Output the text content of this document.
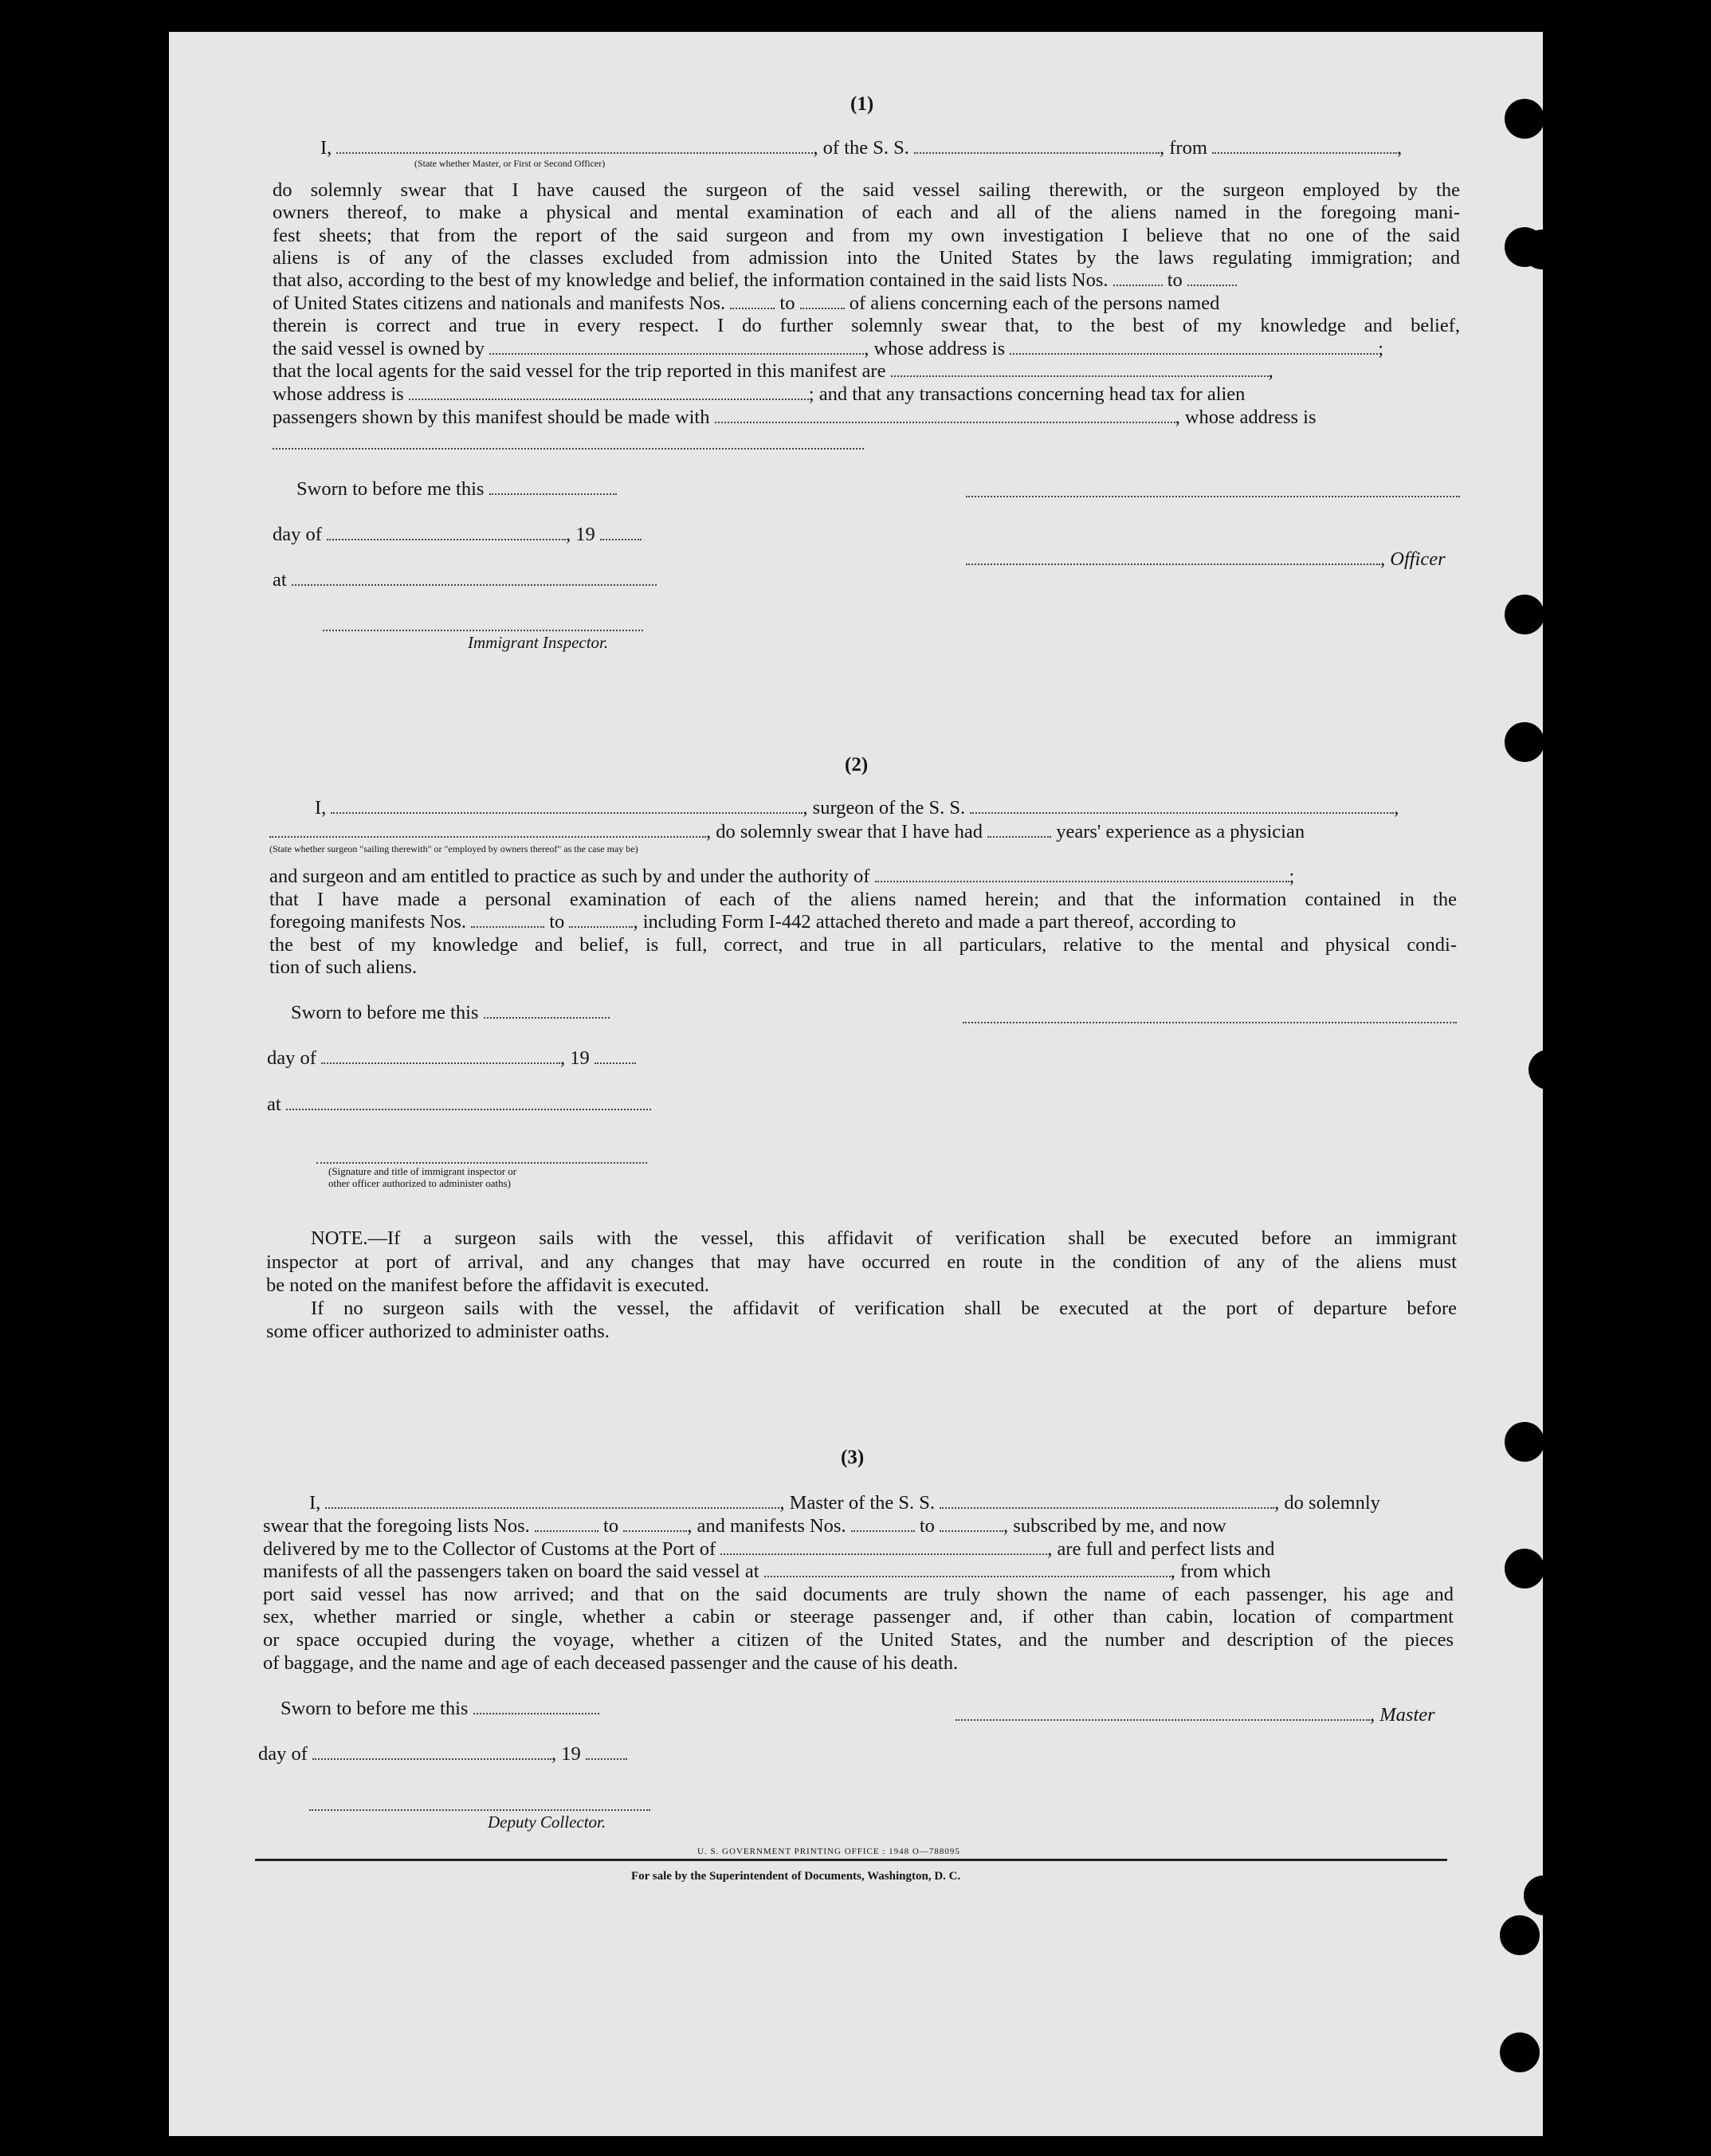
(1)
I,	, of the S. S.	, from	,
(State whether Master, or First or Second Officer)
do solemnly swear that I have caused the surgeon of the said vessel sailing therewith, or the surgeon employed by the
owners thereof, to make a physical and mental examination of each and all of the aliens named in the foregoing mani-
fest sheets; that from the report of the said surgeon and from my own investigation I believe that no one of the said
aliens is of any of the classes excluded from admission into the United States by the laws regulating immigration; and
that also, according to the best of my knowledge and belief, the information contained in the said lists Nos.	to
of United States citizens and nationals and manifests Nos.	to	of aliens concerning each of the persons named
therein is correct and true in every respect. I do further solemnly swear that, to the best of my knowledge and belief,
the said vessel is owned by	, whose address is	;
that the local agents for the said vessel for the trip reported in this manifest are	,
whose address is	; and that any transactions concerning head tax for alien
passengers shown by this manifest should be made with	, whose address is
Sworn to before me this
day of	, 19
at
Immigrant Inspector.
, Officer
(2)
I,	, surgeon of the S. S.	,
, do solemnly swear that I have had	years' experience as a physician
(State whether surgeon "sailing therewith" or "employed by owners thereof" as the case may be)
and surgeon and am entitled to practice as such by and under the authority of	;
that I have made a personal examination of each of the aliens named herein; and that the information contained in the
foregoing manifests Nos.	to	, including Form I-442 attached thereto and made a part thereof, according to
the best of my knowledge and belief, is full, correct, and true in all particulars, relative to the mental and physical condi-
tion of such aliens.
Sworn to before me this
day of	, 19
at
(Signature and title of immigrant inspector or
other officer authorized to administer oaths)
NOTE.—If a surgeon sails with the vessel, this affidavit of verification shall be executed before an immigrant
inspector at port of arrival, and any changes that may have occurred en route in the condition of any of the aliens must
be noted on the manifest before the affidavit is executed.
If no surgeon sails with the vessel, the affidavit of verification shall be executed at the port of departure before
some officer authorized to administer oaths.
(3)
I,	, Master of the S. S.	, do solemnly
swear that the foregoing lists Nos.	to	, and manifests Nos.	to	, subscribed by me, and now
delivered by me to the Collector of Customs at the Port of	, are full and perfect lists and
manifests of all the passengers taken on board the said vessel at	, from which
port said vessel has now arrived; and that on the said documents are truly shown the name of each passenger, his age and
sex, whether married or single, whether a cabin or steerage passenger and, if other than cabin, location of compartment
or space occupied during the voyage, whether a citizen of the United States, and the number and description of the pieces
of baggage, and the name and age of each deceased passenger and the cause of his death.
Sworn to before me this
day of	, 19
Deputy Collector.
, Master
U. S. GOVERNMENT PRINTING OFFICE : 1948 O—788095
For sale by the Superintendent of Documents, Washington, D. C.
